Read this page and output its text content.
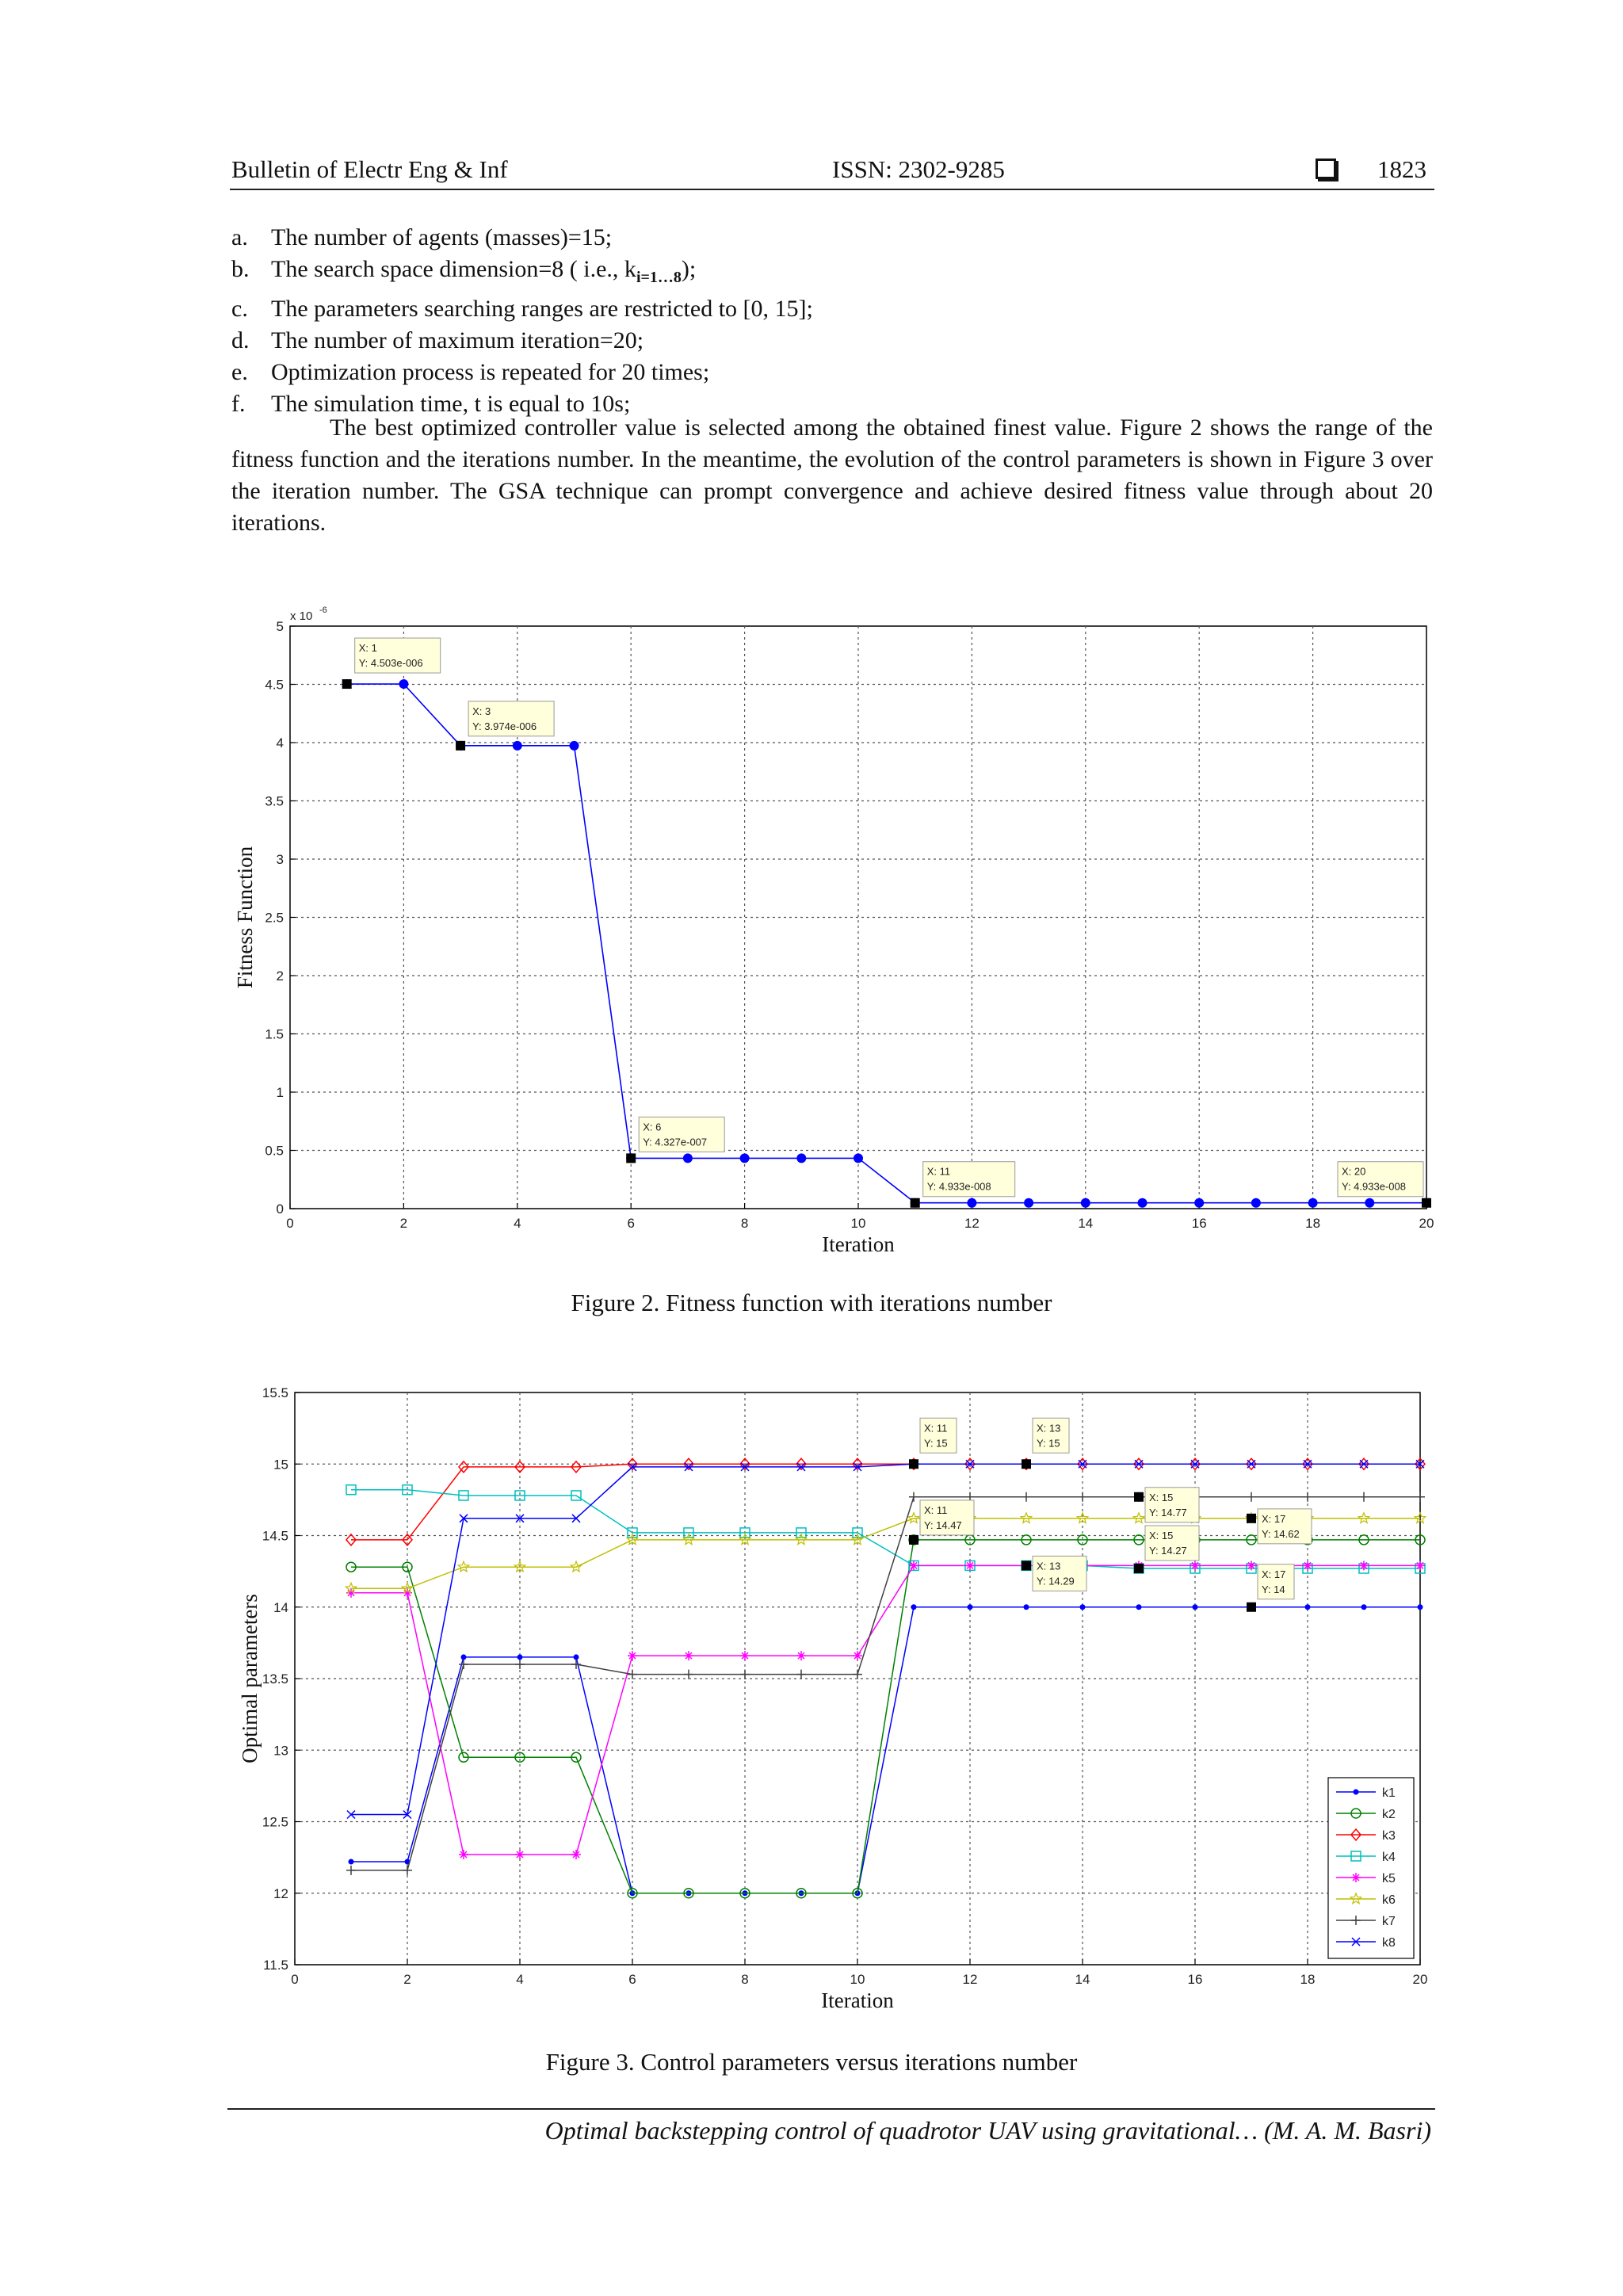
Bulletin of Electr Eng & Inf	ISSN: 2302-9285	1823
a. The number of agents (masses)=15;
b. The search space dimension=8 ( i.e., $k_{i=1\dots 8}$);
c. The parameters searching ranges are restricted to [0, 15];
d. The number of maximum iteration=20;
e. Optimization process is repeated for 20 times;
f.	The simulation time, t is equal to 10s;
The best optimized controller value is selected among the obtained finest value. Figure 2 shows the range of the fitness function and the iterations number. In the meantime, the evolution of the control parameters is shown in Figure 3 over the iteration number. The GSA technique can prompt convergence and achieve desired fitness value through about 20 iterations.
0	2	4	6	8	10	12	14	16	18	20
0
0.5
1
1.5
2
2.5
3
3.5
4
4.5
5
Iteration
Fitness Function
x 10 -6
X: 1
Y: 4.503e-006
X: 3
Y: 3.974e-006
X: 6
Y: 4.327e-007
X: 11
Y: 4.933e-008
X: 20
Y: 4.933e-008
Figure 2. Fitness function with iterations number
0	2	4	6	8	10	12	14	16	18	20
11.5
12
12.5
13
13.5
14
14.5
15
15.5
Iteration
Optimal parameters
X: 11
Y: 15
X: 13
Y: 15
X: 15
Y: 14.77
X: 17
Y: 14.62
X: 11
Y: 14.47
X: 13
Y: 14.29
X: 15
Y: 14.27
X: 17
Y: 14
k1
k2
k3
k4
k5
k6
k7
k8
Figure 3. Control parameters versus iterations number
Optimal backstepping control of quadrotor UAV using gravitational… (M. A. M. Basri)
